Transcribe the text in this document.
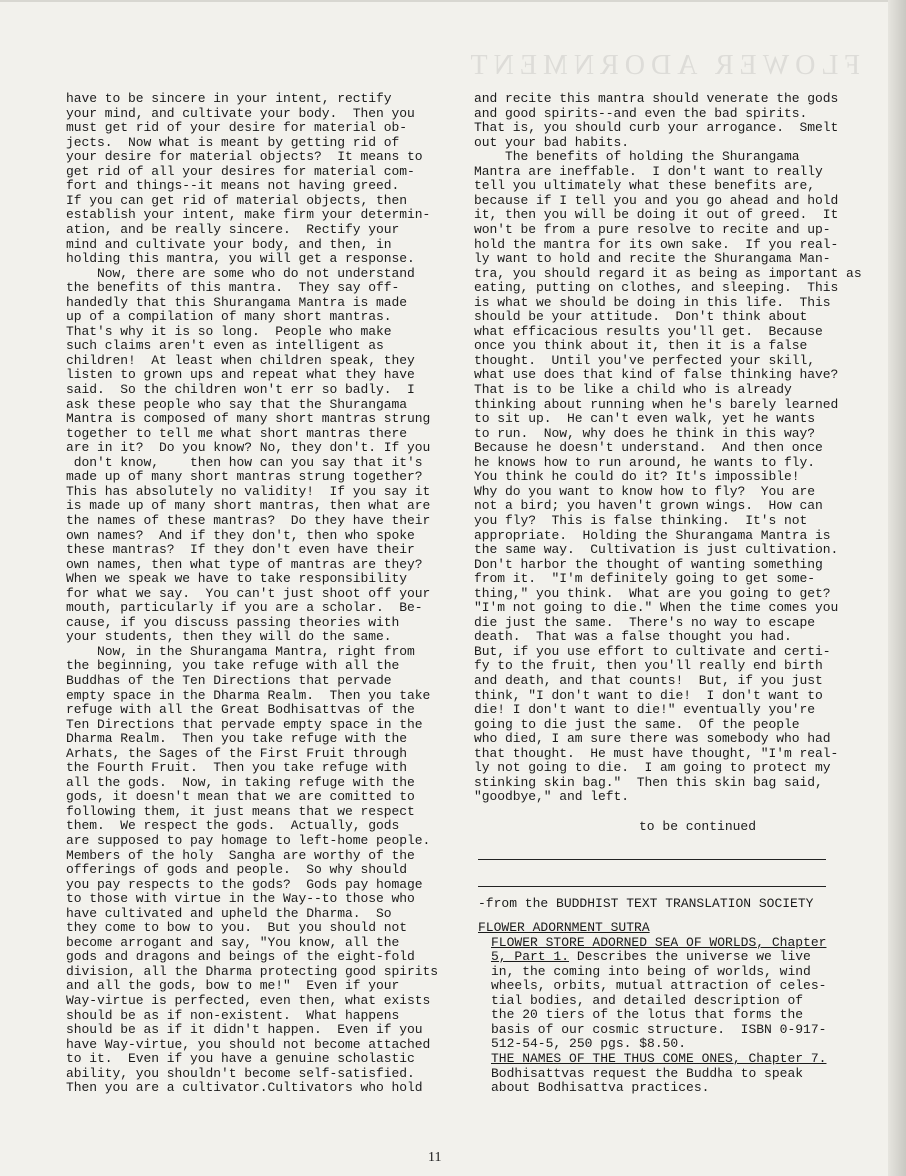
FLOWER ADORNMENT

have to be sincere in your intent, rectify
your mind, and cultivate your body.  Then you
must get rid of your desire for material ob-
jects.  Now what is meant by getting rid of
your desire for material objects?  It means to
get rid of all your desires for material com-
fort and things--it means not having greed.
If you can get rid of material objects, then
establish your intent, make firm your determin-
ation, and be really sincere.  Rectify your
mind and cultivate your body, and then, in
holding this mantra, you will get a response.
Now, there are some who do not understand
the benefits of this mantra.  They say off-
handedly that this Shurangama Mantra is made
up of a compilation of many short mantras.
That's why it is so long.  People who make
such claims aren't even as intelligent as
children!  At least when children speak, they
listen to grown ups and repeat what they have
said.  So the children won't err so badly.  I
ask these people who say that the Shurangama
Mantra is composed of many short mantras strung
together to tell me what short mantras there
are in it?  Do you know? No, they don't. If you
don't know,    then how can you say that it's
made up of many short mantras strung together?
This has absolutely no validity!  If you say it
is made up of many short mantras, then what are
the names of these mantras?  Do they have their
own names?  And if they don't, then who spoke
these mantras?  If they don't even have their
own names, then what type of mantras are they?
When we speak we have to take responsibility
for what we say.  You can't just shoot off your
mouth, particularly if you are a scholar.  Be-
cause, if you discuss passing theories with
your students, then they will do the same.
Now, in the Shurangama Mantra, right from
the beginning, you take refuge with all the
Buddhas of the Ten Directions that pervade
empty space in the Dharma Realm.  Then you take
refuge with all the Great Bodhisattvas of the
Ten Directions that pervade empty space in the
Dharma Realm.  Then you take refuge with the
Arhats, the Sages of the First Fruit through
the Fourth Fruit.  Then you take refuge with
all the gods.  Now, in taking refuge with the
gods, it doesn't mean that we are comitted to
following them, it just means that we respect
them.  We respect the gods.  Actually, gods
are supposed to pay homage to left-home people.
Members of the holy  Sangha are worthy of the
offerings of gods and people.  So why should
you pay respects to the gods?  Gods pay homage
to those with virtue in the Way--to those who
have cultivated and upheld the Dharma.  So
they come to bow to you.  But you should not
become arrogant and say, "You know, all the
gods and dragons and beings of the eight-fold
division, all the Dharma protecting good spirits
and all the gods, bow to me!"  Even if your
Way-virtue is perfected, even then, what exists
should be as if non-existent.  What happens
should be as if it didn't happen.  Even if you
have Way-virtue, you should not become attached
to it.  Even if you have a genuine scholastic
ability, you shouldn't become self-satisfied.
Then you are a cultivator.Cultivators who hold

and recite this mantra should venerate the gods
and good spirits--and even the bad spirits.
That is, you should curb your arrogance.  Smelt
out your bad habits.
The benefits of holding the Shurangama
Mantra are ineffable.  I don't want to really
tell you ultimately what these benefits are,
because if I tell you and you go ahead and hold
it, then you will be doing it out of greed.  It
won't be from a pure resolve to recite and up-
hold the mantra for its own sake.  If you real-
ly want to hold and recite the Shurangama Man-
tra, you should regard it as being as important as
eating, putting on clothes, and sleeping.  This
is what we should be doing in this life.  This
should be your attitude.  Don't think about
what efficacious results you'll get.  Because
once you think about it, then it is a false
thought.  Until you've perfected your skill,
what use does that kind of false thinking have?
That is to be like a child who is already
thinking about running when he's barely learned
to sit up.  He can't even walk, yet he wants
to run.  Now, why does he think in this way?
Because he doesn't understand.  And then once
he knows how to run around, he wants to fly.
You think he could do it? It's impossible!
Why do you want to know how to fly?  You are
not a bird; you haven't grown wings.  How can
you fly?  This is false thinking.  It's not
appropriate.  Holding the Shurangama Mantra is
the same way.  Cultivation is just cultivation.
Don't harbor the thought of wanting something
from it.  "I'm definitely going to get some-
thing," you think.  What are you going to get?
"I'm not going to die." When the time comes you
die just the same.  There's no way to escape
death.  That was a false thought you had.
But, if you use effort to cultivate and certi-
fy to the fruit, then you'll really end birth
and death, and that counts!  But, if you just
think, "I don't want to die!  I don't want to
die! I don't want to die!" eventually you're
going to die just the same.  Of the people
who died, I am sure there was somebody who had
that thought.  He must have thought, "I'm real-
ly not going to die.  I am going to protect my
stinking skin bag."  Then this skin bag said,
"goodbye," and left.

to be continued
-from the BUDDHIST TEXT TRANSLATION SOCIETY
FLOWER ADORNMENT SUTRA
FLOWER STORE ADORNED SEA OF WORLDS, Chapter
5, Part 1. Describes the universe we live
in, the coming into being of worlds, wind
wheels, orbits, mutual attraction of celes-
tial bodies, and detailed description of
the 20 tiers of the lotus that forms the
basis of our cosmic structure.  ISBN 0-917-
512-54-5, 250 pgs. $8.50.
THE NAMES OF THE THUS COME ONES, Chapter 7.
Bodhisattvas request the Buddha to speak
about Bodhisattva practices.
11
